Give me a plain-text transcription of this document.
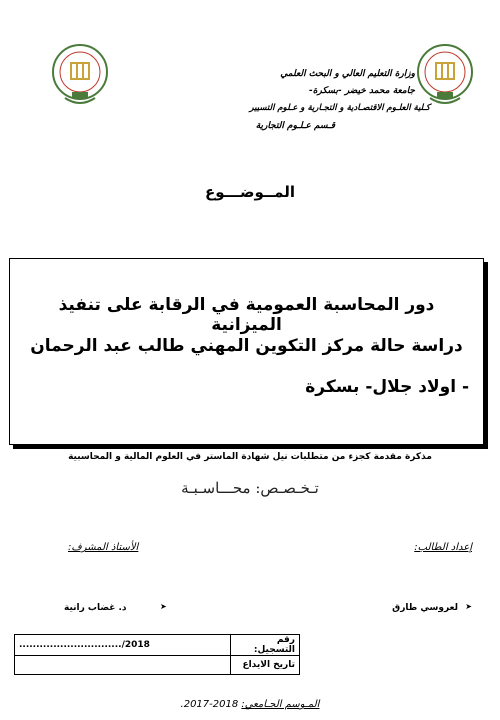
وزارة التعليم العالي و البحث العلمي
جامعة محمد خيضر -بسكرة-
كـلية العلـوم الاقتصـادية و التجـارية و عـلوم التسيير
قـسم عـلـوم التجارية
المــوضـــوع
دور المحاسبة العمومية في الرقابة على تنفيذ الميزانية
دراسة حالة مركز التكوين المهني طالب عبد الرحمان
- اولاد جلال- بسكرة
مذكرة مقدمة كجزء من متطلبات نيل شهادة الماستر في العلوم المالية و المحاسبية
تـخـصـص: محـــاسـبـة
إعداد الطالب:
الأستاذ المشرف:
➤
لعروسي طارق
➤
د. غضاب رانية
رقم التسجيل:	2018/..............................
تاريخ الايداع	
المـوسم الجـامعي: 2018-2017.
